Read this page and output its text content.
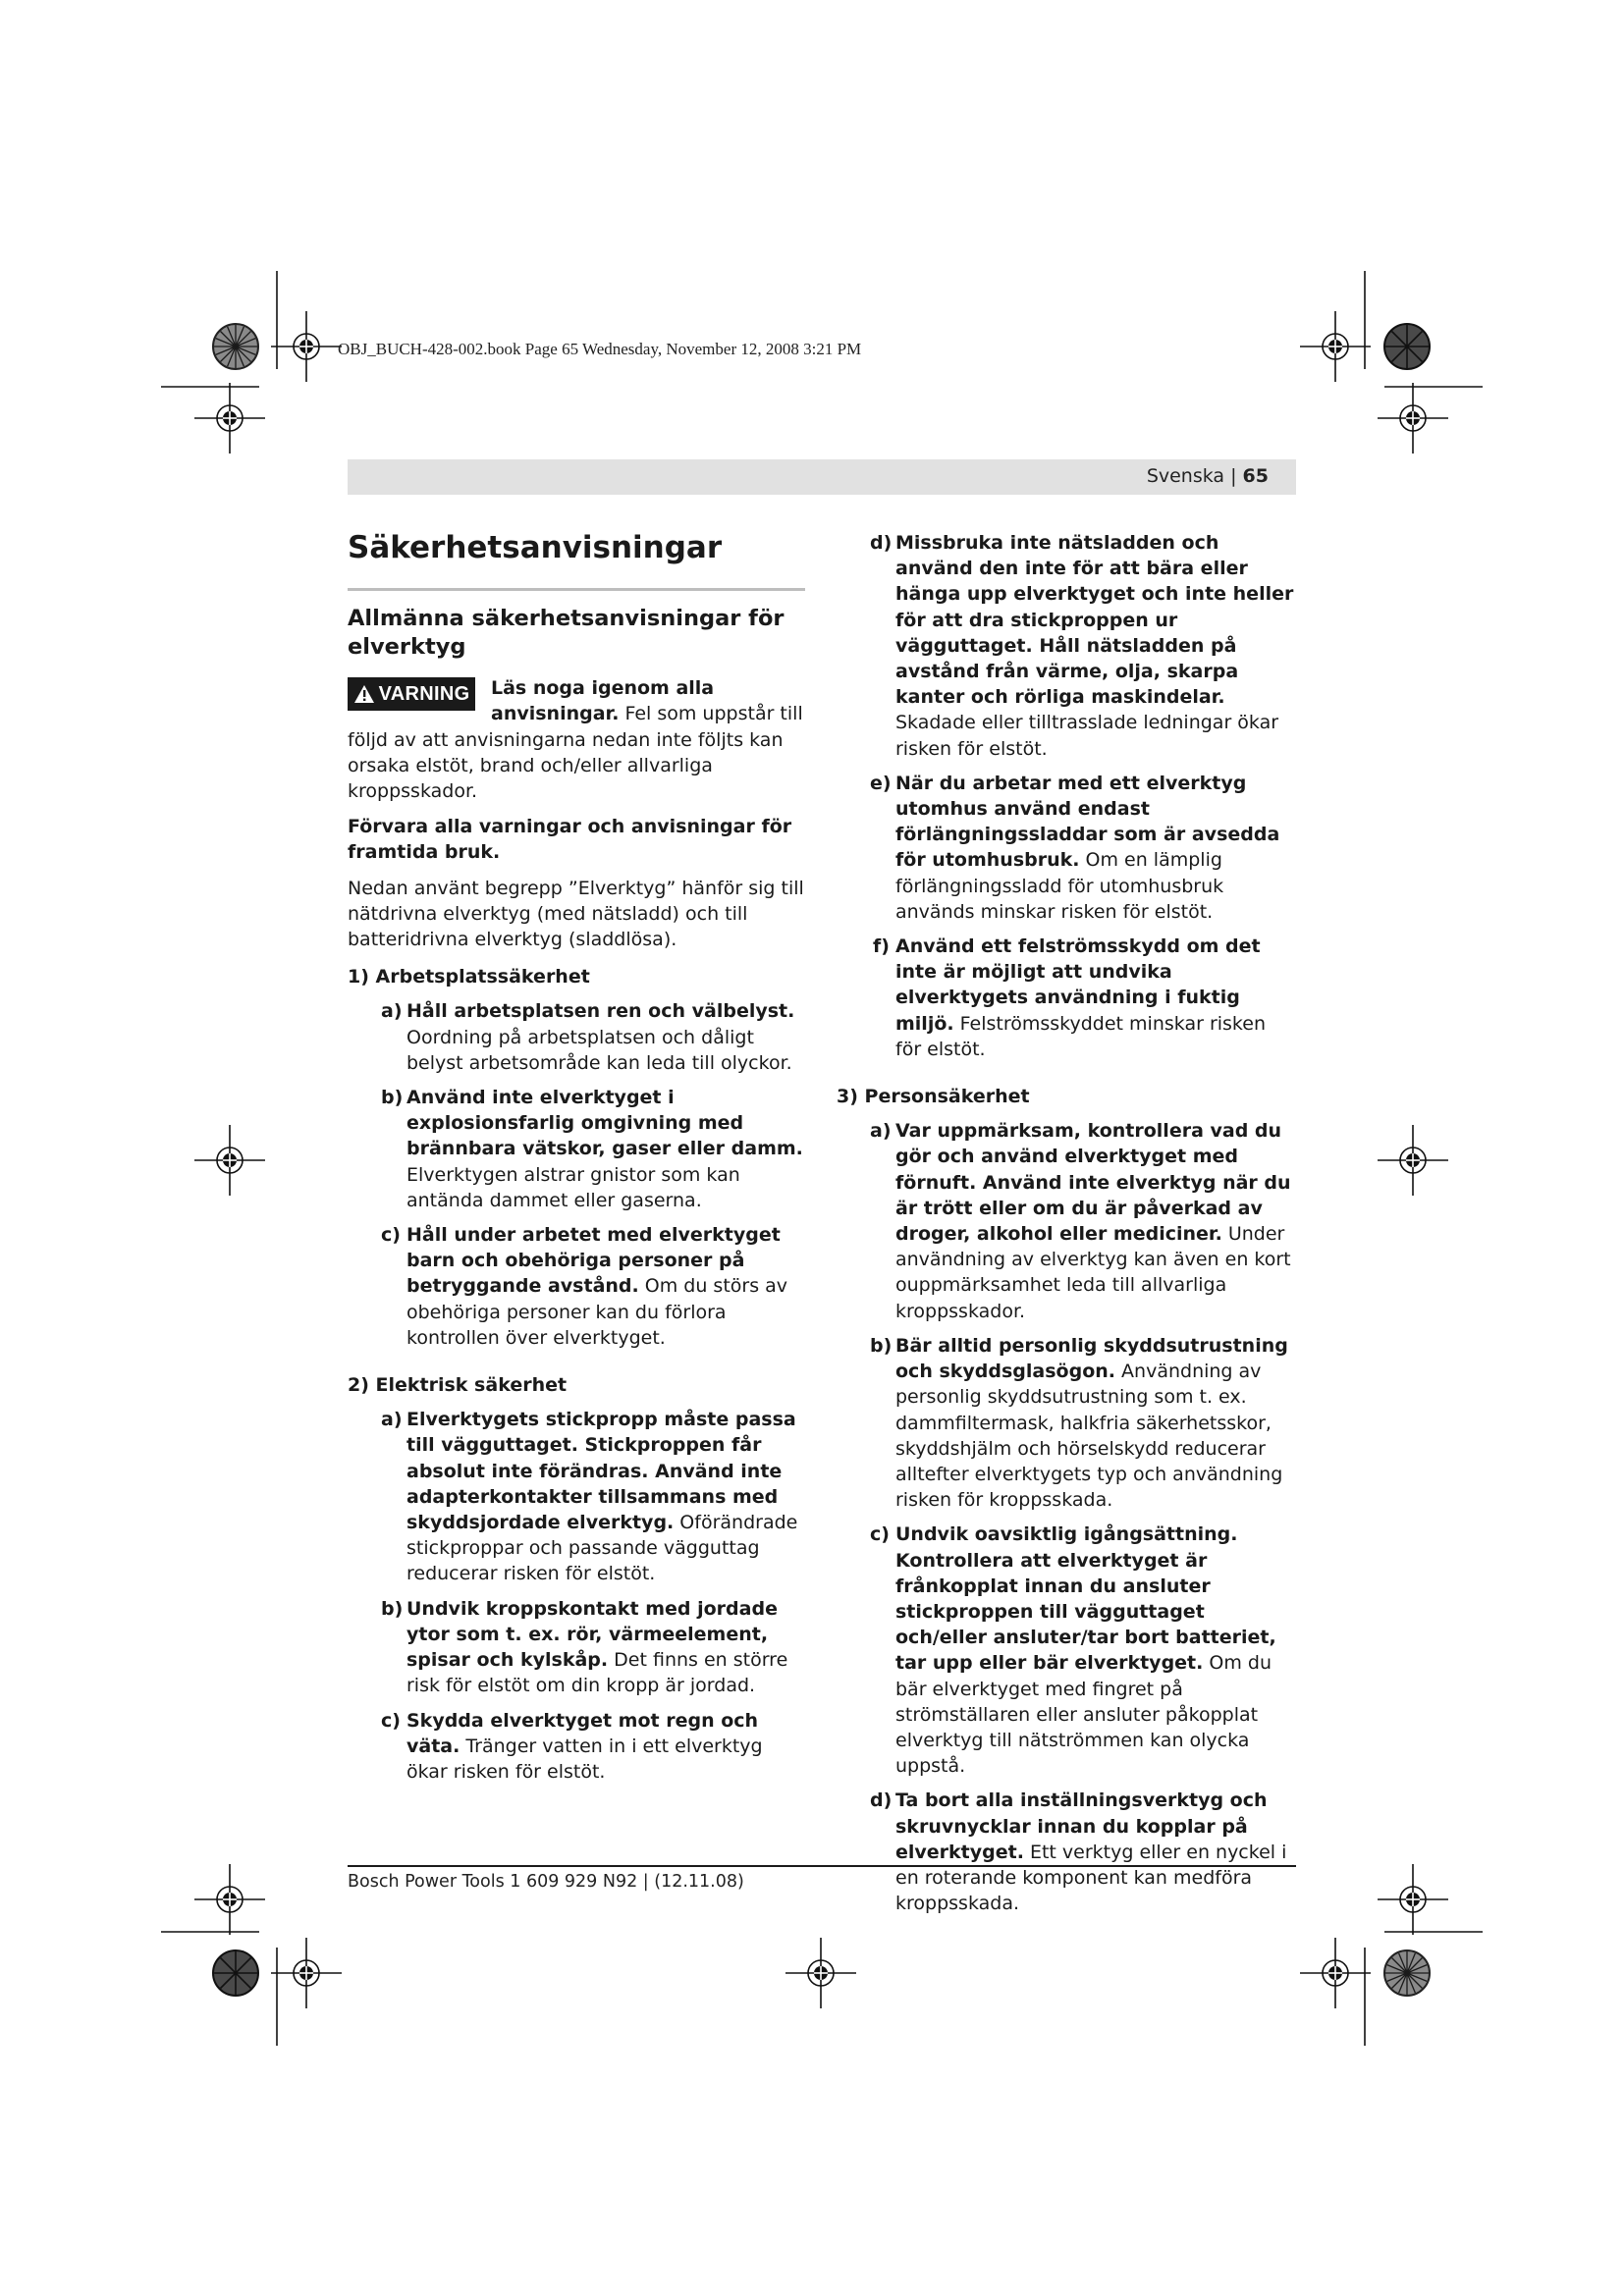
OBJ_BUCH-428-002.book Page 65 Wednesday, November 12, 2008 3:21 PM
Svenska | 65
Säkerhetsanvisningar
Allmänna säkerhetsanvisningar för elverktyg
VARNING Läs noga igenom alla anvisningar. Fel som uppstår till följd av att anvisningarna nedan inte följts kan orsaka elstöt, brand och/eller allvarliga kroppsskador.

Förvara alla varningar och anvisningar för framtida bruk.

Nedan använt begrepp ”Elverktyg” hänför sig till nätdrivna elverktyg (med nätsladd) och till batteridrivna elverktyg (sladdlösa).

1) Arbetsplatssäkerhet
a) Håll arbetsplatsen ren och välbelyst. Oordning på arbetsplatsen och dåligt belyst arbetsområde kan leda till olyckor.
b) Använd inte elverktyget i explosionsfarlig omgivning med brännbara vätskor, gaser eller damm. Elverktygen alstrar gnistor som kan antända dammet eller gaserna.
c) Håll under arbetet med elverktyget barn och obehöriga personer på betryggande avstånd. Om du störs av obehöriga personer kan du förlora kontrollen över elverktyget.
2) Elektrisk säkerhet
a) Elverktygets stickpropp måste passa till vägguttaget. Stickproppen får absolut inte förändras. Använd inte adapterkontakter tillsammans med skyddsjordade elverktyg. Oförändrade stickproppar och passande vägguttag reducerar risken för elstöt.
b) Undvik kroppskontakt med jordade ytor som t. ex. rör, värmeelement, spisar och kylskåp. Det finns en större risk för elstöt om din kropp är jordad.
c) Skydda elverktyget mot regn och väta. Tränger vatten in i ett elverktyg ökar risken för elstöt.
d) Missbruka inte nätsladden och använd den inte för att bära eller hänga upp elverktyget och inte heller för att dra stickproppen ur vägguttaget. Håll nätsladden på avstånd från värme, olja, skarpa kanter och rörliga maskindelar. Skadade eller tilltrasslade ledningar ökar risken för elstöt.
e) När du arbetar med ett elverktyg utomhus använd endast förlängningssladdar som är avsedda för utomhusbruk. Om en lämplig förlängningssladd för utomhusbruk används minskar risken för elstöt.
f) Använd ett felströmsskydd om det inte är möjligt att undvika elverktygets användning i fuktig miljö. Felströmsskyddet minskar risken för elstöt.
3) Personsäkerhet
a) Var uppmärksam, kontrollera vad du gör och använd elverktyget med förnuft. Använd inte elverktyg när du är trött eller om du är påverkad av droger, alkohol eller mediciner. Under användning av elverktyg kan även en kort ouppmärksamhet leda till allvarliga kroppsskador.
b) Bär alltid personlig skyddsutrustning och skyddsglasögon. Användning av personlig skyddsutrustning som t. ex. dammfiltermask, halkfria säkerhetsskor, skyddshjälm och hörselskydd reducerar alltefter elverktygets typ och användning risken för kroppsskada.
c) Undvik oavsiktlig igångsättning. Kontrollera att elverktyget är frånkopplat innan du ansluter stickproppen till vägguttaget och/eller ansluter/tar bort batteriet, tar upp eller bär elverktyget. Om du bär elverktyget med fingret på strömställaren eller ansluter påkopplat elverktyg till nätströmmen kan olycka uppstå.
d) Ta bort alla inställningsverktyg och skruvnycklar innan du kopplar på elverktyget. Ett verktyg eller en nyckel i en roterande komponent kan medföra kroppsskada.
Bosch Power Tools 1 609 929 N92 | (12.11.08)
